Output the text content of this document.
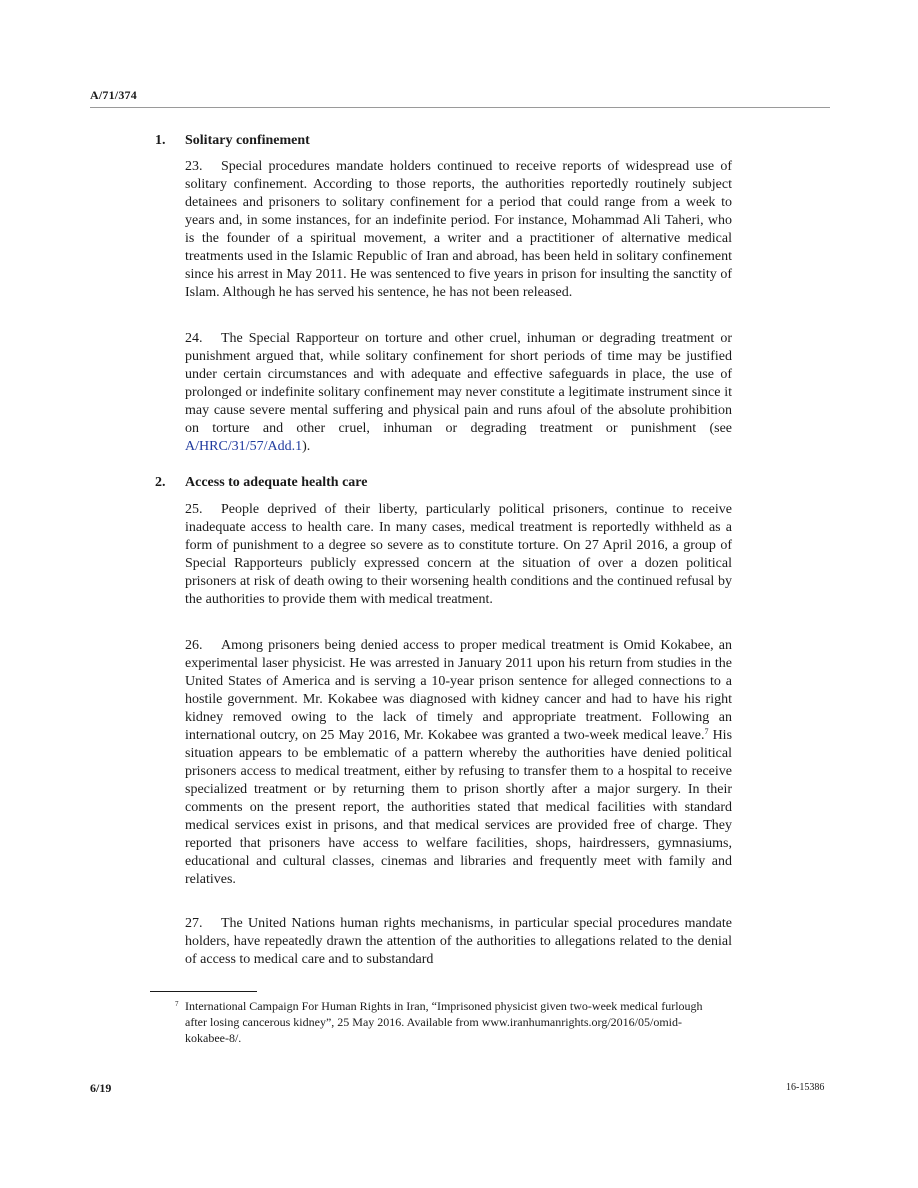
A/71/374
1. Solitary confinement

23. Special procedures mandate holders continued to receive reports of widespread use of solitary confinement. According to those reports, the authorities reportedly routinely subject detainees and prisoners to solitary confinement for a period that could range from a week to years and, in some instances, for an indefinite period. For instance, Mohammad Ali Taheri, who is the founder of a spiritual movement, a writer and a practitioner of alternative medical treatments used in the Islamic Republic of Iran and abroad, has been held in solitary confinement since his arrest in May 2011. He was sentenced to five years in prison for insulting the sanctity of Islam. Although he has served his sentence, he has not been released.

24. The Special Rapporteur on torture and other cruel, inhuman or degrading treatment or punishment argued that, while solitary confinement for short periods of time may be justified under certain circumstances and with adequate and effective safeguards in place, the use of prolonged or indefinite solitary confinement may never constitute a legitimate instrument since it may cause severe mental suffering and physical pain and runs afoul of the absolute prohibition on torture and other cruel, inhuman or degrading treatment or punishment (see A/HRC/31/57/Add.1).

2. Access to adequate health care

25. People deprived of their liberty, particularly political prisoners, continue to receive inadequate access to health care. In many cases, medical treatment is reportedly withheld as a form of punishment to a degree so severe as to constitute torture. On 27 April 2016, a group of Special Rapporteurs publicly expressed concern at the situation of over a dozen political prisoners at risk of death owing to their worsening health conditions and the continued refusal by the authorities to provide them with medical treatment.

26. Among prisoners being denied access to proper medical treatment is Omid Kokabee, an experimental laser physicist. He was arrested in January 2011 upon his return from studies in the United States of America and is serving a 10-year prison sentence for alleged connections to a hostile government. Mr. Kokabee was diagnosed with kidney cancer and had to have his right kidney removed owing to the lack of timely and appropriate treatment. Following an international outcry, on 25 May 2016, Mr. Kokabee was granted a two-week medical leave.$^7$ His situation appears to be emblematic of a pattern whereby the authorities have denied political prisoners access to medical treatment, either by refusing to transfer them to a hospital to receive specialized treatment or by returning them to prison shortly after a major surgery. In their comments on the present report, the authorities stated that medical facilities with standard medical services exist in prisons, and that medical services are provided free of charge. They reported that prisoners have access to welfare facilities, shops, hairdressers, gymnasiums, educational and cultural classes, cinemas and libraries and frequently meet with family and relatives.

27. The United Nations human rights mechanisms, in particular special procedures mandate holders, have repeatedly drawn the attention of the authorities to allegations related to the denial of access to medical care and to substandard

7 International Campaign For Human Rights in Iran, “Imprisoned physicist given two-week medical furlough after losing cancerous kidney”, 25 May 2016. Available from www.iranhumanrights.org/2016/05/omid-kokabee-8/.
6/19	16-15386
